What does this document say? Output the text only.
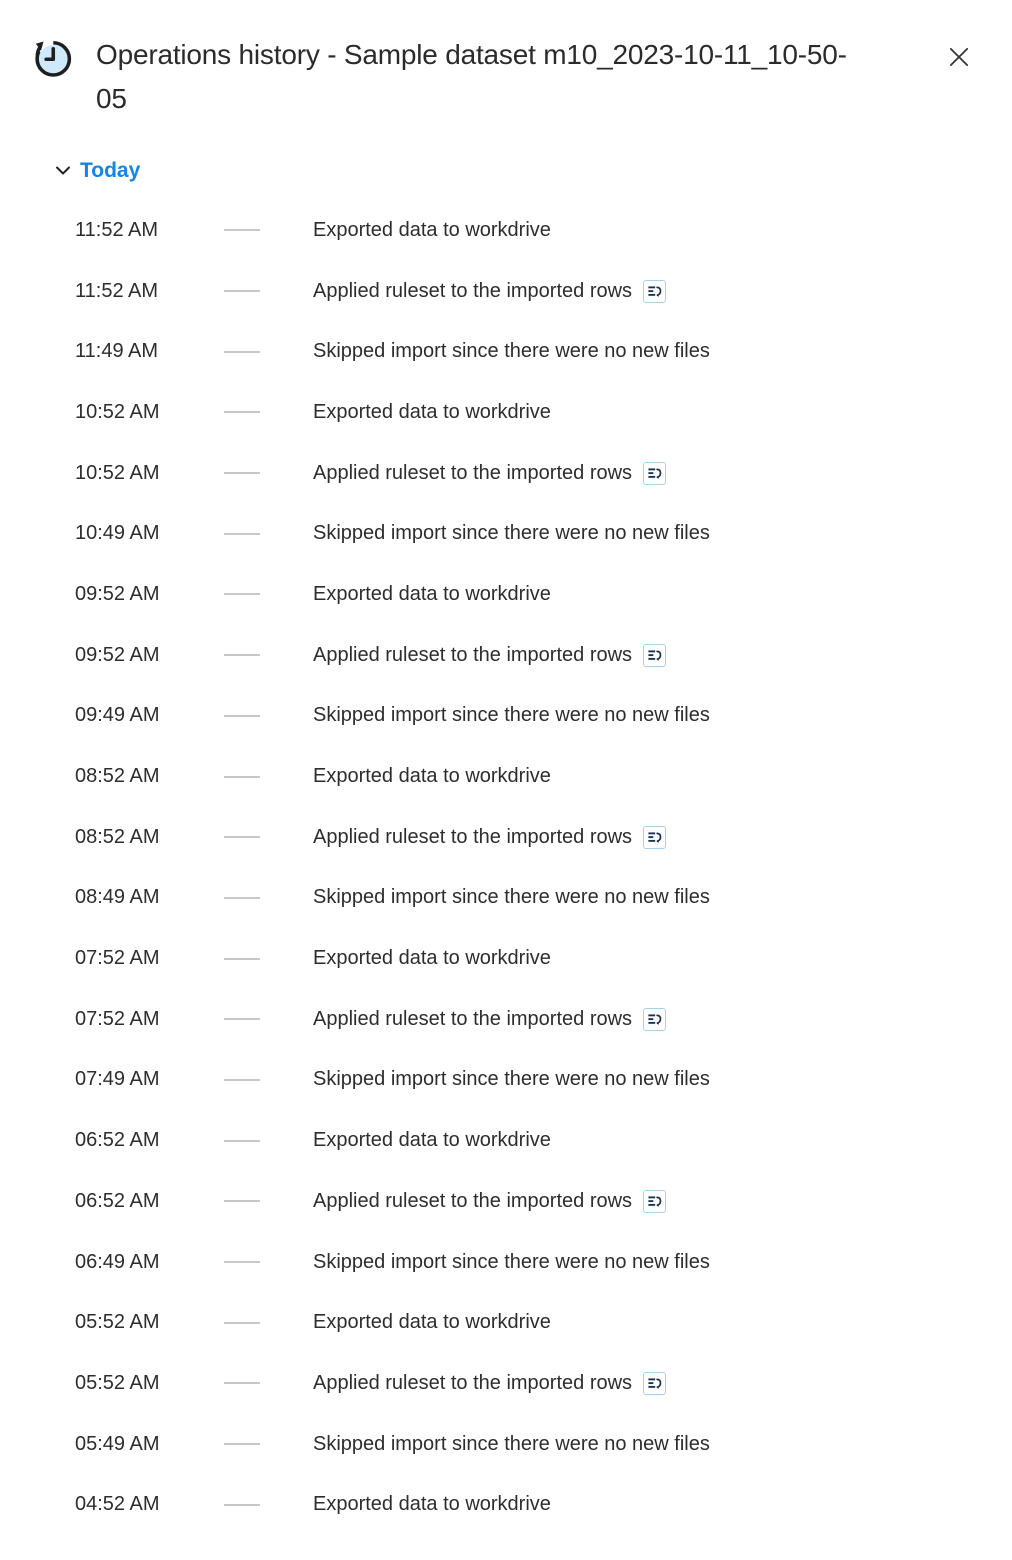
Operations history - Sample dataset m10_2023-10-11_10-50-05
Today
11:52 AM	Exported data to workdrive
11:52 AM	Applied ruleset to the imported rows
11:49 AM	Skipped import since there were no new files
10:52 AM	Exported data to workdrive
10:52 AM	Applied ruleset to the imported rows
10:49 AM	Skipped import since there were no new files
09:52 AM	Exported data to workdrive
09:52 AM	Applied ruleset to the imported rows
09:49 AM	Skipped import since there were no new files
08:52 AM	Exported data to workdrive
08:52 AM	Applied ruleset to the imported rows
08:49 AM	Skipped import since there were no new files
07:52 AM	Exported data to workdrive
07:52 AM	Applied ruleset to the imported rows
07:49 AM	Skipped import since there were no new files
06:52 AM	Exported data to workdrive
06:52 AM	Applied ruleset to the imported rows
06:49 AM	Skipped import since there were no new files
05:52 AM	Exported data to workdrive
05:52 AM	Applied ruleset to the imported rows
05:49 AM	Skipped import since there were no new files
04:52 AM	Exported data to workdrive
